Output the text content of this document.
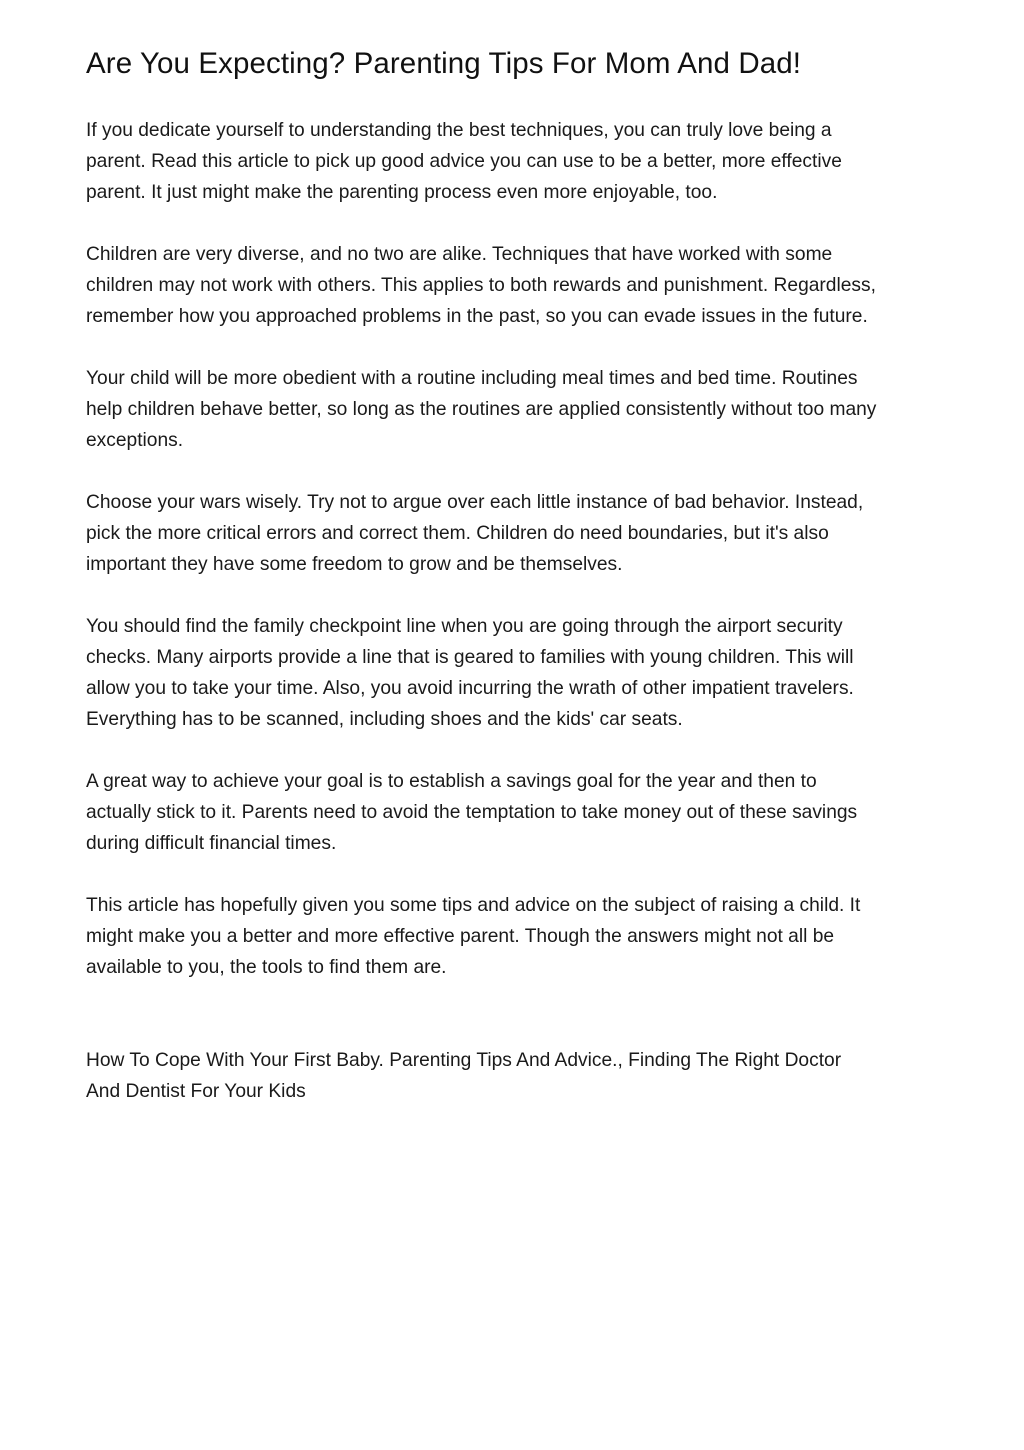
Are You Expecting? Parenting Tips For Mom And Dad!

If you dedicate yourself to understanding the best techniques, you can truly love being a
parent. Read this article to pick up good advice you can use to be a better, more effective
parent. It just might make the parenting process even more enjoyable, too.

Children are very diverse, and no two are alike. Techniques that have worked with some
children may not work with others. This applies to both rewards and punishment. Regardless,
remember how you approached problems in the past, so you can evade issues in the future.

Your child will be more obedient with a routine including meal times and bed time. Routines
help children behave better, so long as the routines are applied consistently without too many
exceptions.

Choose your wars wisely. Try not to argue over each little instance of bad behavior. Instead,
pick the more critical errors and correct them. Children do need boundaries, but it's also
important they have some freedom to grow and be themselves.

You should find the family checkpoint line when you are going through the airport security
checks. Many airports provide a line that is geared to families with young children. This will
allow you to take your time. Also, you avoid incurring the wrath of other impatient travelers.
Everything has to be scanned, including shoes and the kids' car seats.

A great way to achieve your goal is to establish a savings goal for the year and then to
actually stick to it. Parents need to avoid the temptation to take money out of these savings
during difficult financial times.

This article has hopefully given you some tips and advice on the subject of raising a child. It
might make you a better and more effective parent. Though the answers might not all be
available to you, the tools to find them are.

How To Cope With Your First Baby. Parenting Tips And Advice., Finding The Right Doctor
And Dentist For Your Kids
